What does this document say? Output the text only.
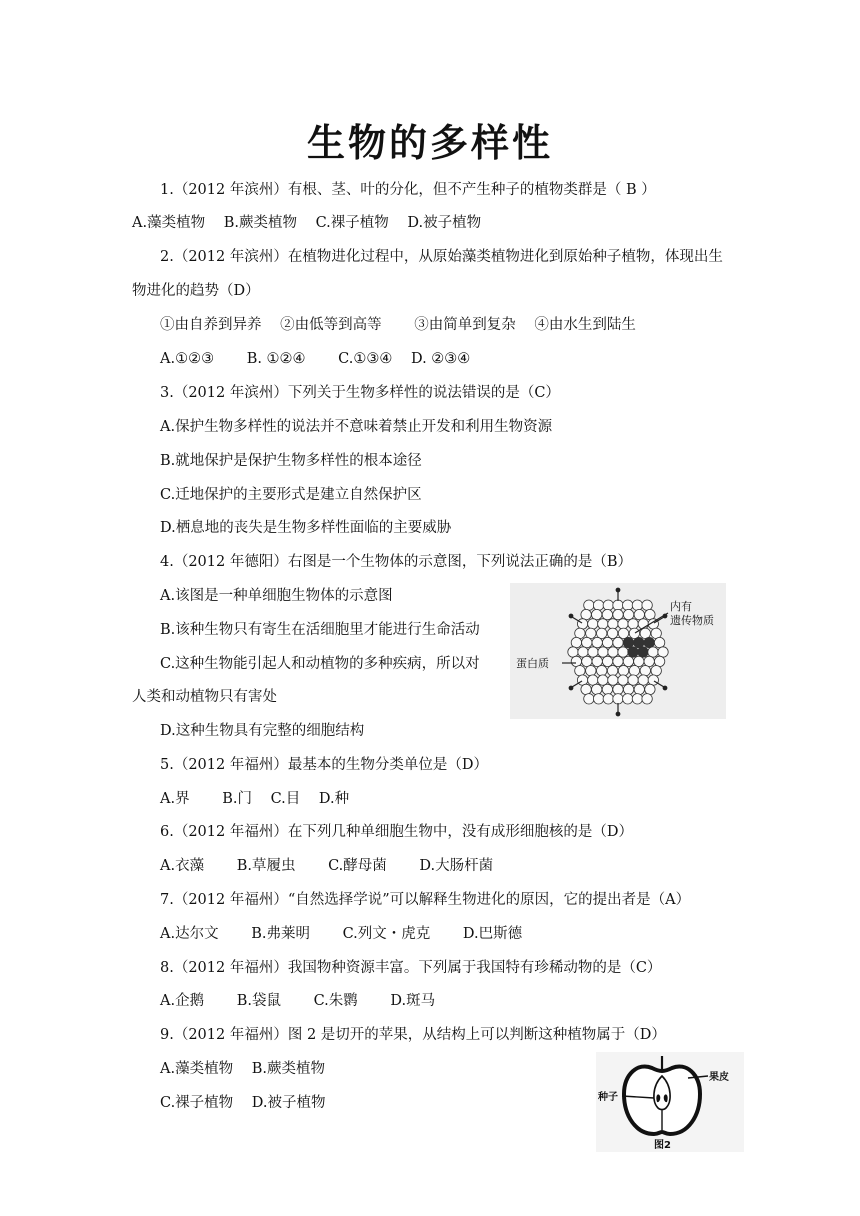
生物的多样性
1.（2012 年滨州）有根、茎、叶的分化，但不产生种子的植物类群是（ B ）
A.藻类植物 B.蕨类植物 C.裸子植物 D.被子植物
2.（2012 年滨州）在植物进化过程中，从原始藻类植物进化到原始种子植物，体现出生
物进化的趋势（D）
①由自养到异养 ②由低等到高等 ③由简单到复杂 ④由水生到陆生
A.①②③ B. ①②④ C.①③④ D. ②③④
3.（2012 年滨州）下列关于生物多样性的说法错误的是（C）
A.保护生物多样性的说法并不意味着禁止开发和利用生物资源
B.就地保护是保护生物多样性的根本途径
C.迁地保护的主要形式是建立自然保护区
D.栖息地的丧失是生物多样性面临的主要威胁
4.（2012 年德阳）右图是一个生物体的示意图，下列说法正确的是（B）
A.该图是一种单细胞生物体的示意图
B.该种生物只有寄生在活细胞里才能进行生命活动
C.这种生物能引起人和动植物的多种疾病，所以对
人类和动植物只有害处
D.这种生物具有完整的细胞结构
内有
遗传物质
蛋白质
5.（2012 年福州）最基本的生物分类单位是（D）
A.界 B.门 C.目 D.种
6.（2012 年福州）在下列几种单细胞生物中，没有成形细胞核的是（D）
A.衣藻 B.草履虫 C.酵母菌 D.大肠杆菌
7.（2012 年福州）“自然选择学说”可以解释生物进化的原因，它的提出者是（A）
A.达尔文 B.弗莱明 C.列文・虎克 D.巴斯德
8.（2012 年福州）我国物种资源丰富。下列属于我国特有珍稀动物的是（C）
A.企鹅 B.袋鼠 C.朱鹮 D.斑马
9.（2012 年福州）图 2 是切开的苹果，从结构上可以判断这种植物属于（D）
A.藻类植物 B.蕨类植物
C.裸子植物 D.被子植物
果皮
种子
图2
